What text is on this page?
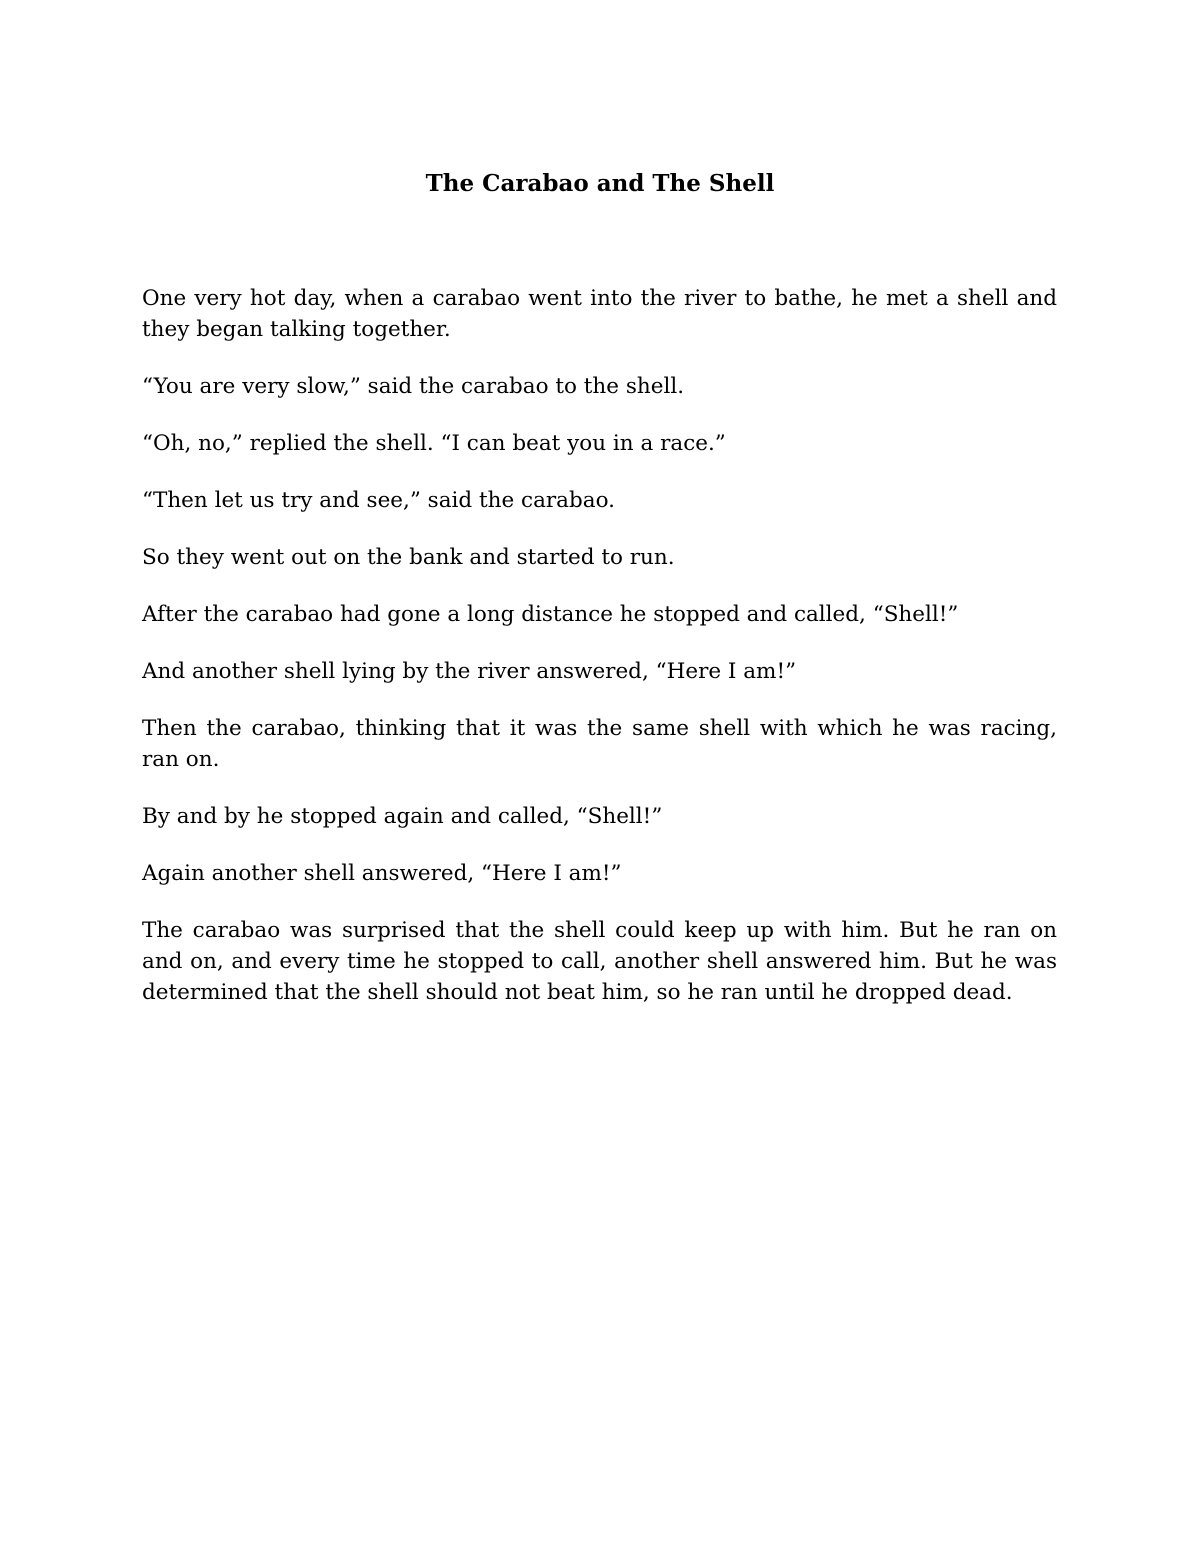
The Carabao and The Shell

One very hot day, when a carabao went into the river to bathe, he met a shell and they began talking together.

“You are very slow,” said the carabao to the shell.

“Oh, no,” replied the shell. “I can beat you in a race.”

“Then let us try and see,” said the carabao.

So they went out on the bank and started to run.

After the carabao had gone a long distance he stopped and called, “Shell!”

And another shell lying by the river answered, “Here I am!”

Then the carabao, thinking that it was the same shell with which he was racing, ran on.

By and by he stopped again and called, “Shell!”

Again another shell answered, “Here I am!”

The carabao was surprised that the shell could keep up with him. But he ran on and on, and every time he stopped to call, another shell answered him. But he was determined that the shell should not beat him, so he ran until he dropped dead.
